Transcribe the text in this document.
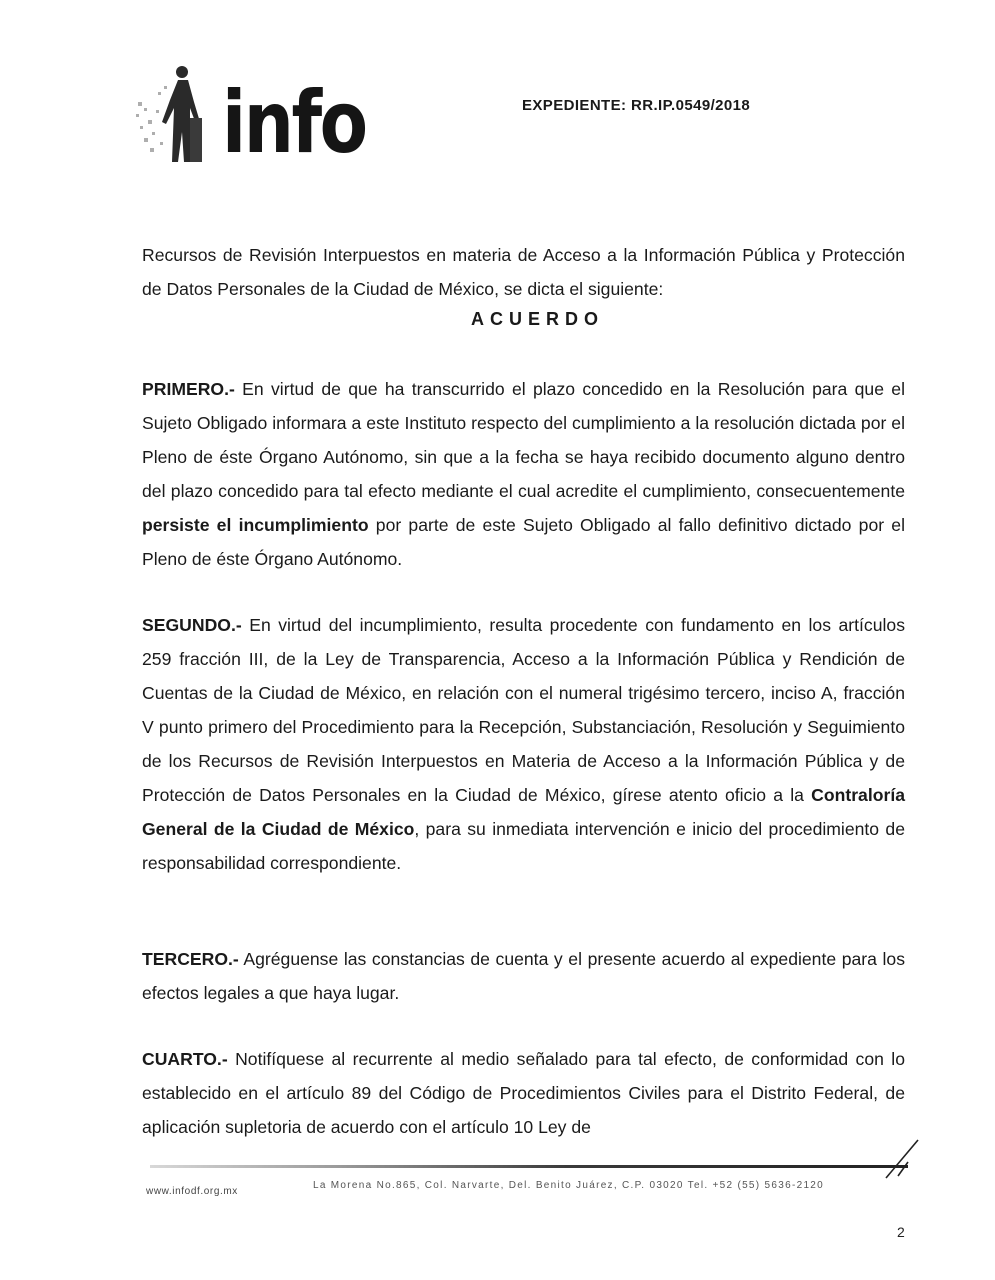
info	EXPEDIENTE: RR.IP.0549/2018

Recursos de Revisión Interpuestos en materia de Acceso a la Información Pública y Protección de Datos Personales de la Ciudad de México, se dicta el siguiente:

ACUERDO

PRIMERO.- En virtud de que ha transcurrido el plazo concedido en la Resolución para que el Sujeto Obligado informara a este Instituto respecto del cumplimiento a la resolución dictada por el Pleno de éste Órgano Autónomo, sin que a la fecha se haya recibido documento alguno dentro del plazo concedido para tal efecto mediante el cual acredite el cumplimiento, consecuentemente persiste el incumplimiento por parte de este Sujeto Obligado al fallo definitivo dictado por el Pleno de éste Órgano Autónomo.

SEGUNDO.- En virtud del incumplimiento, resulta procedente con fundamento en los artículos 259 fracción III, de la Ley de Transparencia, Acceso a la Información Pública y Rendición de Cuentas de la Ciudad de México, en relación con el numeral trigésimo tercero, inciso A, fracción V punto primero del Procedimiento para la Recepción, Substanciación, Resolución y Seguimiento de los Recursos de Revisión Interpuestos en Materia de Acceso a la Información Pública y de Protección de Datos Personales en la Ciudad de México, gírese atento oficio a la Contraloría General de la Ciudad de México, para su inmediata intervención e inicio del procedimiento de responsabilidad correspondiente.

TERCERO.- Agréguense las constancias de cuenta y el presente acuerdo al expediente para los efectos legales a que haya lugar.

CUARTO.- Notifíquese al recurrente al medio señalado para tal efecto, de conformidad con lo establecido en el artículo 89 del Código de Procedimientos Civiles para el Distrito Federal, de aplicación supletoria de acuerdo con el artículo 10 Ley de

www.infodf.org.mx
La Morena No.865, Col. Narvarte, Del. Benito Juárez, C.P. 03020 Tel. +52 (55) 5636-2120
2
